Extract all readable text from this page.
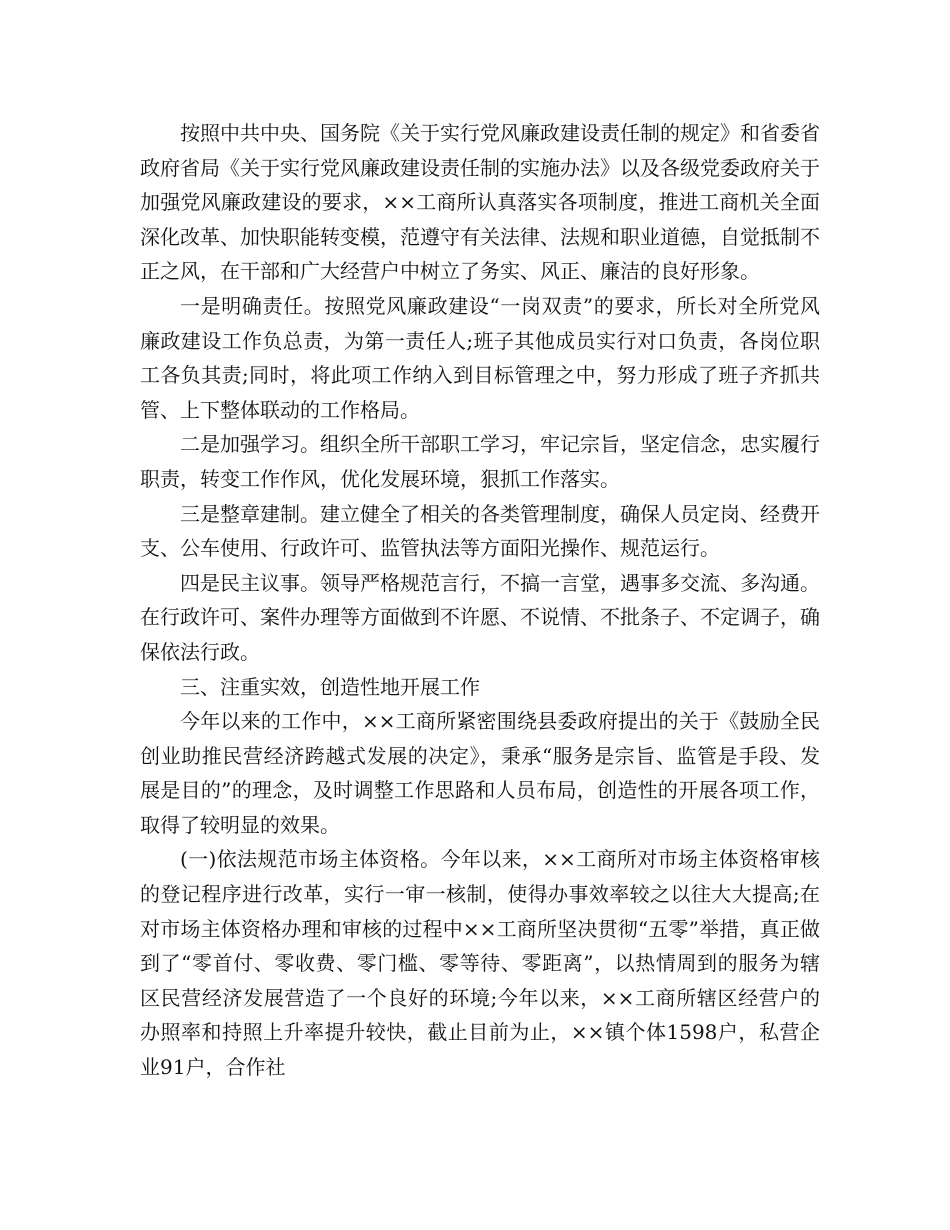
按照中共中央、国务院《关于实行党风廉政建设责任制的规定》和省委省政府省局《关于实行党风廉政建设责任制的实施办法》以及各级党委政府关于加强党风廉政建设的要求，××工商所认真落实各项制度，推进工商机关全面深化改革、加快职能转变模，范遵守有关法律、法规和职业道德，自觉抵制不正之风，在干部和广大经营户中树立了务实、风正、廉洁的良好形象。

一是明确责任。按照党风廉政建设“一岗双责”的要求，所长对全所党风廉政建设工作负总责，为第一责任人;班子其他成员实行对口负责，各岗位职工各负其责;同时，将此项工作纳入到目标管理之中，努力形成了班子齐抓共管、上下整体联动的工作格局。

二是加强学习。组织全所干部职工学习，牢记宗旨，坚定信念，忠实履行职责，转变工作作风，优化发展环境，狠抓工作落实。

三是整章建制。建立健全了相关的各类管理制度，确保人员定岗、经费开支、公车使用、行政许可、监管执法等方面阳光操作、规范运行。

四是民主议事。领导严格规范言行，不搞一言堂，遇事多交流、多沟通。在行政许可、案件办理等方面做到不许愿、不说情、不批条子、不定调子，确保依法行政。

三、注重实效，创造性地开展工作

今年以来的工作中，××工商所紧密围绕县委政府提出的关于《鼓励全民创业助推民营经济跨越式发展的决定》，秉承“服务是宗旨、监管是手段、发展是目的”的理念，及时调整工作思路和人员布局，创造性的开展各项工作，取得了较明显的效果。

(一)依法规范市场主体资格。今年以来，××工商所对市场主体资格审核的登记程序进行改革，实行一审一核制，使得办事效率较之以往大大提高;在对市场主体资格办理和审核的过程中××工商所坚决贯彻“五零”举措，真正做到了“零首付、零收费、零门槛、零等待、零距离”，以热情周到的服务为辖区民营经济发展营造了一个良好的环境;今年以来，××工商所辖区经营户的办照率和持照上升率提升较快，截止目前为止，××镇个体1598户，私营企业91户，合作社
